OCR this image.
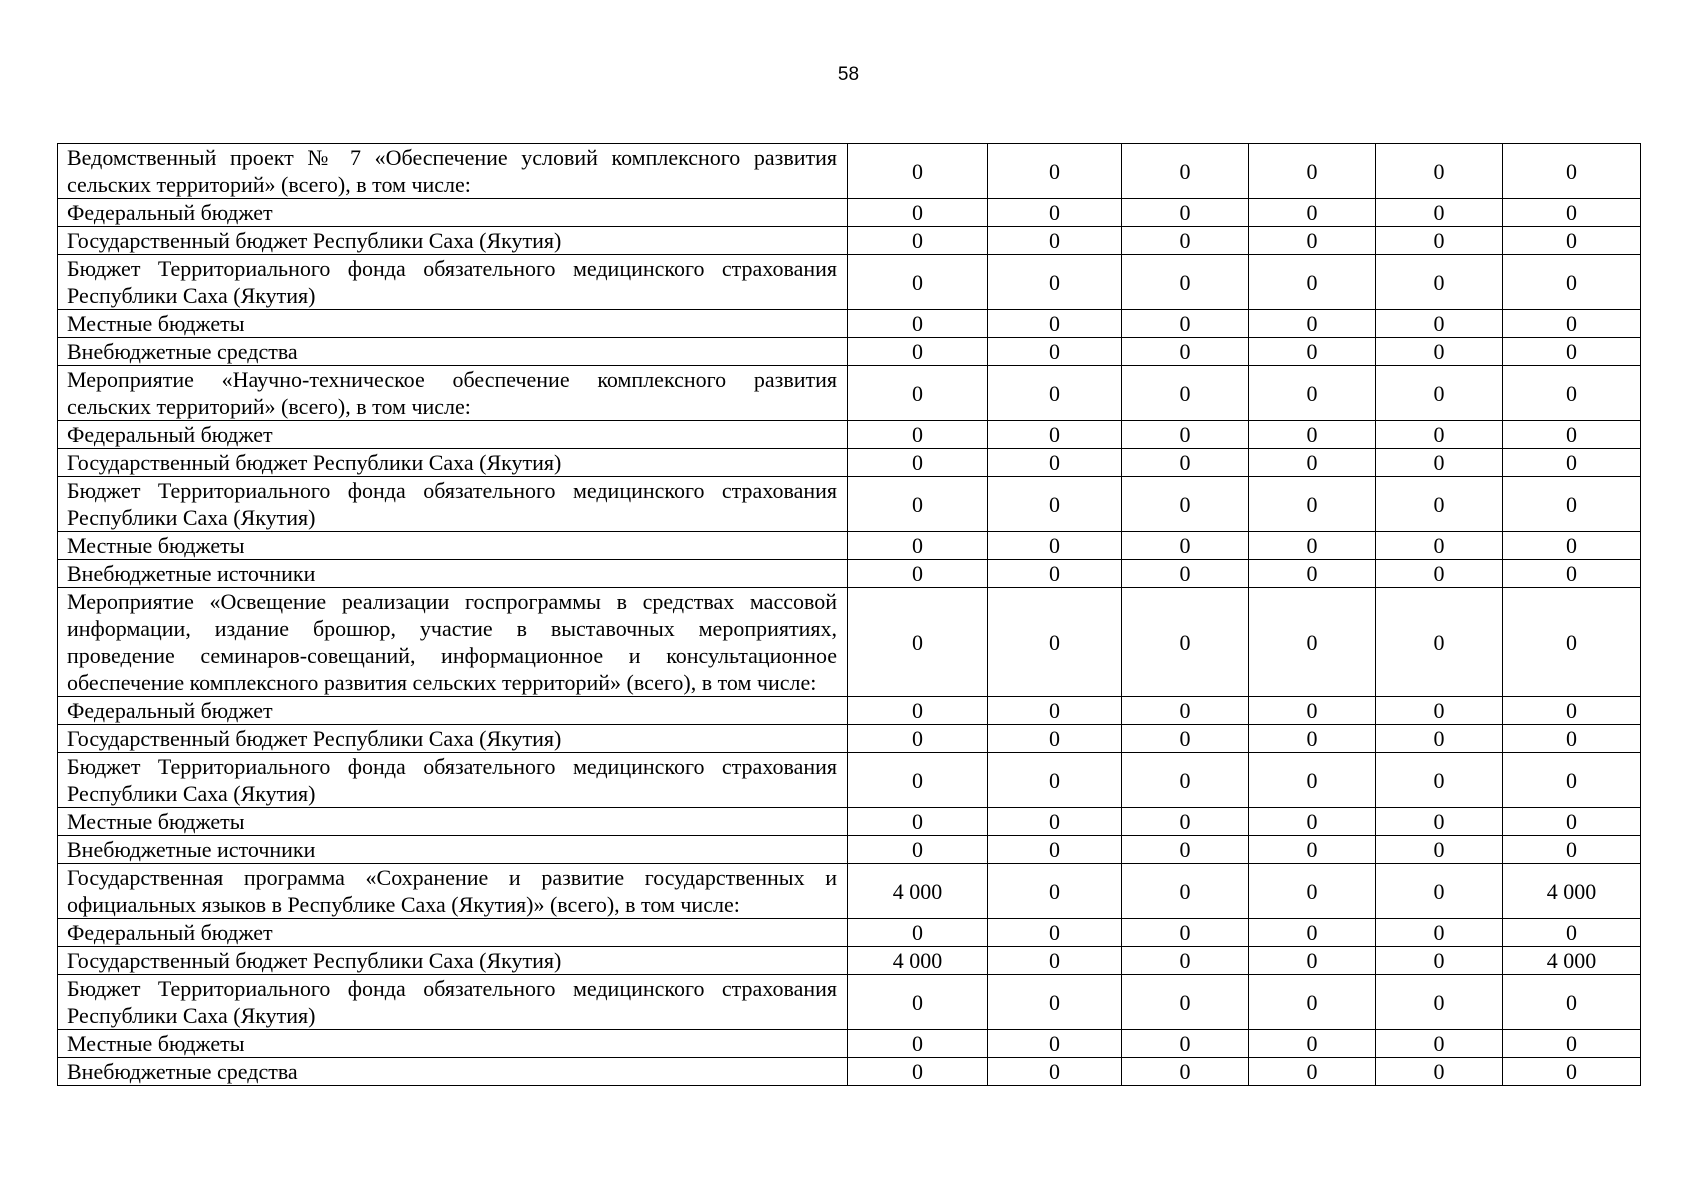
58
Ведомственный проект № 7 «Обеспечение условий комплексного развития сельских территорий» (всего), в том числе:	0	0	0	0	0	0
Федеральный бюджет	0	0	0	0	0	0
Государственный бюджет Республики Саха (Якутия)	0	0	0	0	0	0
Бюджет Территориального фонда обязательного медицинского страхования Республики Саха (Якутия)	0	0	0	0	0	0
Местные бюджеты	0	0	0	0	0	0
Внебюджетные средства	0	0	0	0	0	0
Мероприятие «Научно-техническое обеспечение комплексного развития сельских территорий» (всего), в том числе:	0	0	0	0	0	0
Федеральный бюджет	0	0	0	0	0	0
Государственный бюджет Республики Саха (Якутия)	0	0	0	0	0	0
Бюджет Территориального фонда обязательного медицинского страхования Республики Саха (Якутия)	0	0	0	0	0	0
Местные бюджеты	0	0	0	0	0	0
Внебюджетные источники	0	0	0	0	0	0
Мероприятие «Освещение реализации госпрограммы в средствах массовой информации, издание брошюр, участие в выставочных мероприятиях, проведение семинаров-совещаний, информационное и консультационное обеспечение комплексного развития сельских территорий» (всего), в том числе:	0	0	0	0	0	0
Федеральный бюджет	0	0	0	0	0	0
Государственный бюджет Республики Саха (Якутия)	0	0	0	0	0	0
Бюджет Территориального фонда обязательного медицинского страхования Республики Саха (Якутия)	0	0	0	0	0	0
Местные бюджеты	0	0	0	0	0	0
Внебюджетные источники	0	0	0	0	0	0
Государственная программа «Сохранение и развитие государственных и официальных языков в Республике Саха (Якутия)» (всего), в том числе:	4 000	0	0	0	0	4 000
Федеральный бюджет	0	0	0	0	0	0
Государственный бюджет Республики Саха (Якутия)	4 000	0	0	0	0	4 000
Бюджет Территориального фонда обязательного медицинского страхования Республики Саха (Якутия)	0	0	0	0	0	0
Местные бюджеты	0	0	0	0	0	0
Внебюджетные средства	0	0	0	0	0	0
